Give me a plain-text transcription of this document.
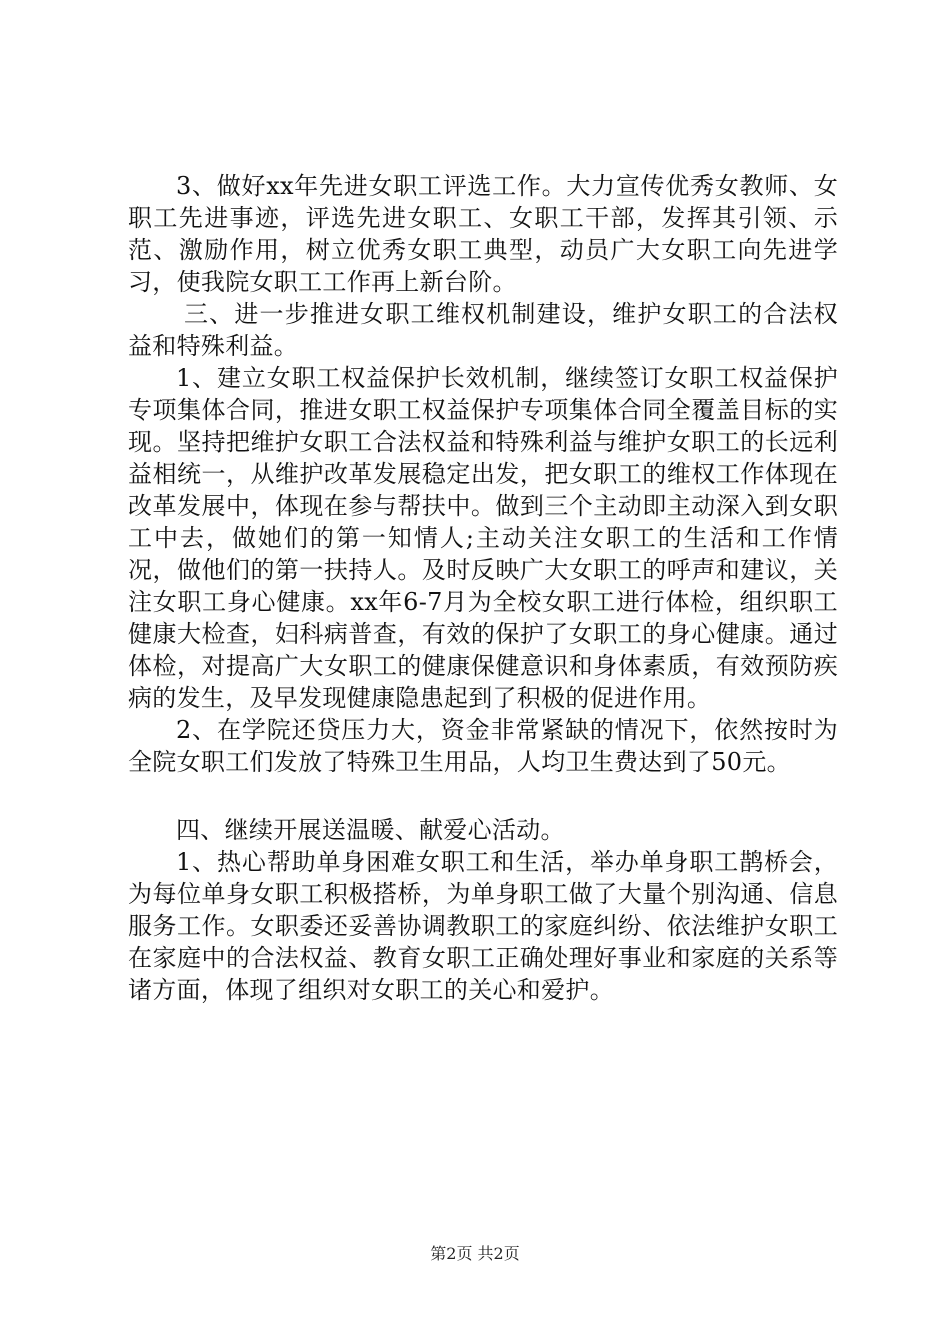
3、做好xx年先进女职工评选工作。大力宣传优秀女教师、女职工先进事迹，评选先进女职工、女职工干部，发挥其引领、示范、激励作用，树立优秀女职工典型，动员广大女职工向先进学习，使我院女职工工作再上新台阶。

三、进一步推进女职工维权机制建设，维护女职工的合法权益和特殊利益。

1、建立女职工权益保护长效机制，继续签订女职工权益保护专项集体合同，推进女职工权益保护专项集体合同全覆盖目标的实现。坚持把维护女职工合法权益和特殊利益与维护女职工的长远利益相统一，从维护改革发展稳定出发，把女职工的维权工作体现在改革发展中，体现在参与帮扶中。做到三个主动即主动深入到女职工中去，做她们的第一知情人;主动关注女职工的生活和工作情况，做他们的第一扶持人。及时反映广大女职工的呼声和建议，关注女职工身心健康。xx年6-7月为全校女职工进行体检，组织职工健康大检查，妇科病普查，有效的保护了女职工的身心健康。通过体检，对提高广大女职工的健康保健意识和身体素质，有效预防疾病的发生，及早发现健康隐患起到了积极的促进作用。

2、在学院还贷压力大，资金非常紧缺的情况下，依然按时为全院女职工们发放了特殊卫生用品，人均卫生费达到了50元。

四、继续开展送温暖、献爱心活动。

1、热心帮助单身困难女职工和生活，举办单身职工鹊桥会，为每位单身女职工积极搭桥，为单身职工做了大量个别沟通、信息服务工作。女职委还妥善协调教职工的家庭纠纷、依法维护女职工在家庭中的合法权益、教育女职工正确处理好事业和家庭的关系等诸方面，体现了组织对女职工的关心和爱护。

第2页 共2页
